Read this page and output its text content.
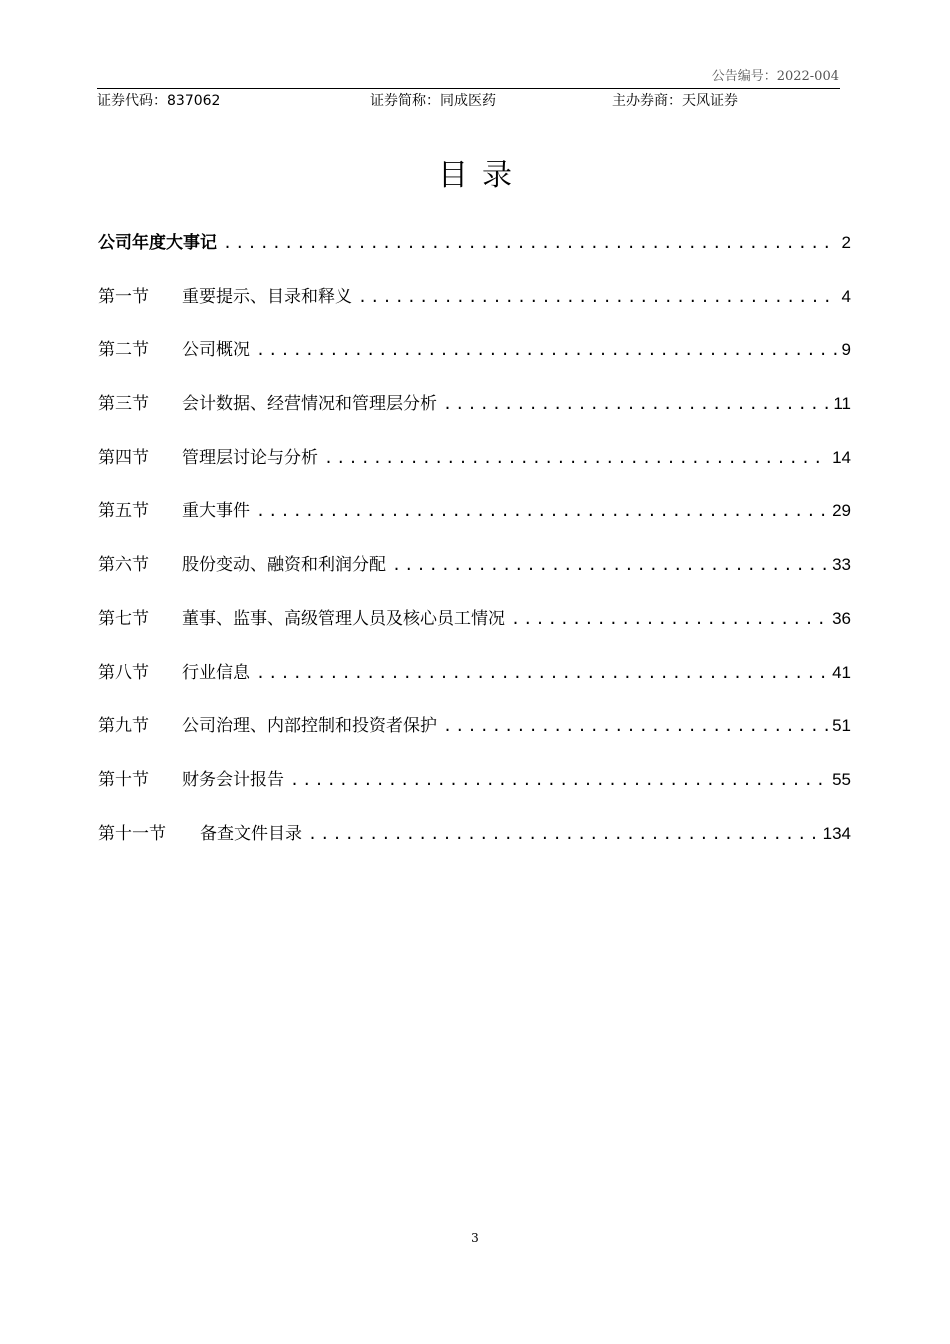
公告编号：2022-004
证券代码：837062	证券简称：同成医药	主办券商：天风证券
目录
公司年度大事记 .....	2
第一节	重要提示、目录和释义 .....	4
第二节	公司概况 .....	9
第三节	会计数据、经营情况和管理层分析 .....	11
第四节	管理层讨论与分析 .....	14
第五节	重大事件 .....	29
第六节	股份变动、融资和利润分配 .....	33
第七节	董事、监事、高级管理人员及核心员工情况 .....	36
第八节	行业信息 .....	41
第九节	公司治理、内部控制和投资者保护 .....	51
第十节	财务会计报告 .....	55
第十一节	备查文件目录 .....	134
3
